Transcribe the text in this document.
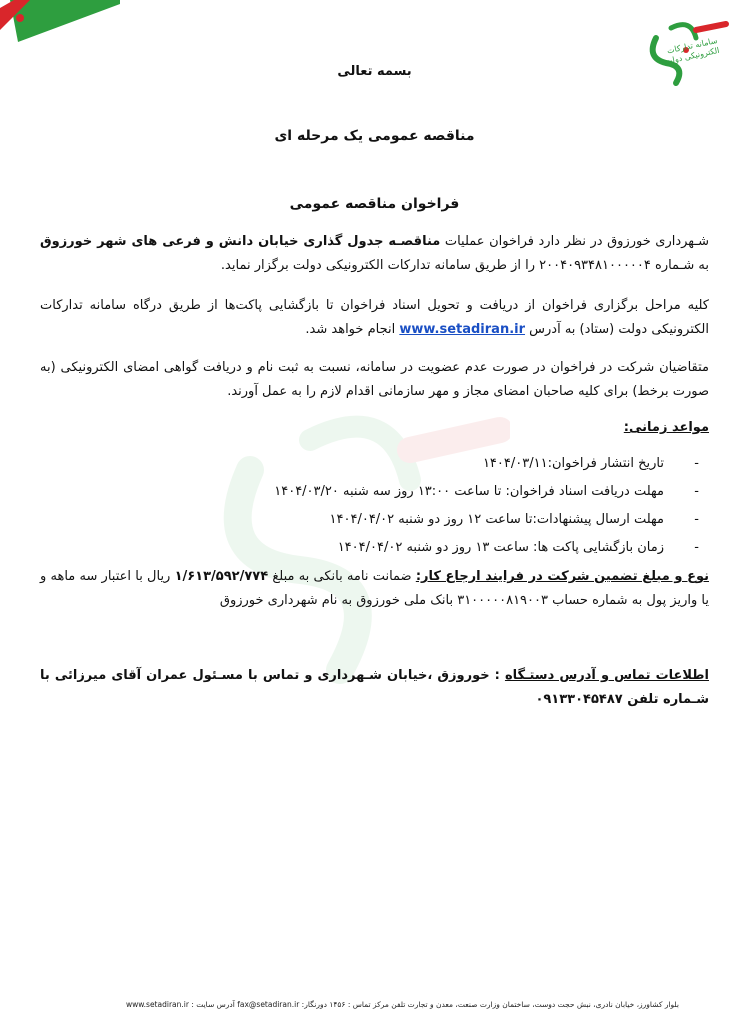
سامانه تدارکات الکترونیکی دولت
بسمه تعالی
مناقصه عمومی یک مرحله ای
فراخوان مناقصه عمومی
شـهرداری خورزوق در نظر دارد فراخوان عملیات مناقصـه جدول گذاری خیابان دانش و فرعی های شهر خورزوق به شـماره ۲۰۰۴۰۹۳۴۸۱۰۰۰۰۰۴ را از طریق سامانه تدارکات الکترونیکی دولت برگزار نماید.
کلیه مراحل برگزاری فراخوان از دریافت و تحویل اسناد فراخوان تا بازگشایی پاکت‌ها از طریق درگاه سامانه تدارکات الکترونیکی دولت (ستاد) به آدرس www.setadiran.ir انجام خواهد شد.
متقاضیان شرکت در فراخوان در صورت عدم عضویت در سامانه، نسبت به ثبت نام و دریافت گواهی امضای الکترونیکی (به صورت برخط) برای کلیه صاحبان امضای مجاز و مهر سازمانی اقدام لازم را به عمل آورند.
مواعد زمانی:
- تاریخ انتشار فراخوان:۱۴۰۴/۰۳/۱۱
- مهلت دریافت اسناد فراخوان: تا ساعت ۱۳:۰۰ روز سه شنبه ۱۴۰۴/۰۳/۲۰
- مهلت ارسال پیشنهادات:تا ساعت ۱۲ روز دو شنبه ۱۴۰۴/۰۴/۰۲
- زمان بازگشایی پاکت ها: ساعت ۱۳ روز دو شنبه ۱۴۰۴/۰۴/۰۲
نوع و مبلغ تضمین شرکت در فرایند ارجاع کار: ضمانت نامه بانکی به مبلغ ۱/۶۱۳/۵۹۲/۷۷۴ ریال با اعتبار سه ماهه و یا واریز پول به شماره حساب ۳۱۰۰۰۰۰۸۱۹۰۰۳ بانک ملی خورزوق به نام شهرداری خورزوق
اطلاعات تماس و آدرس دستـگاه : خوروزق ،خیابان شـهرداری و تماس با مسـئول عمران آقای میرزائی با شـماره تلفن ۰۹۱۳۳۰۴۵۴۸۷
بلوار کشاورز، خیابان نادری، نبش حجت دوست، ساختمان وزارت صنعت، معدن و تجارت تلفن مرکز تماس : ۱۴۵۶ دورنگار: fax@setadiran.ir آدرس سایت : www.setadiran.ir
